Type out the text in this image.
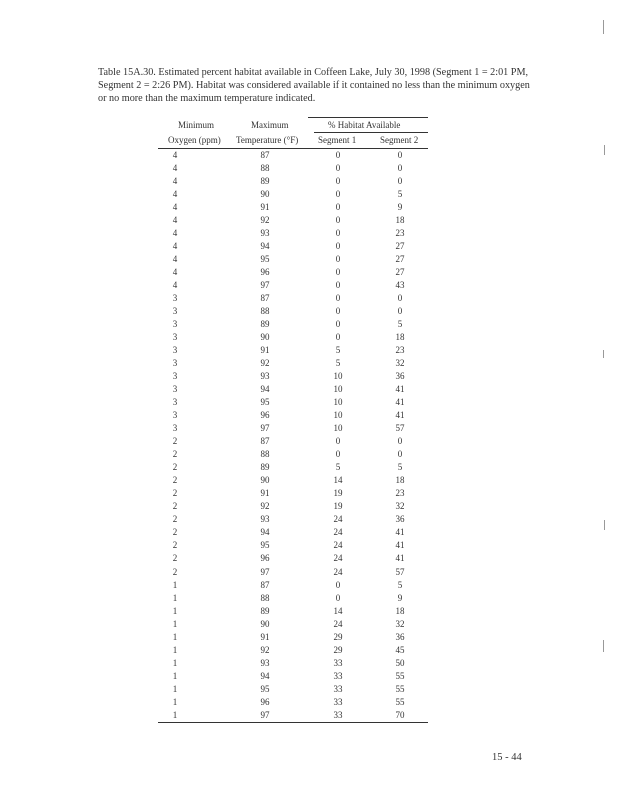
Table 15A.30. Estimated percent habitat available in Coffeen Lake, July 30, 1998 (Segment 1 = 2:01 PM, Segment 2 = 2:26 PM). Habitat was considered available if it contained no less than the minimum oxygen or no more than the maximum temperature indicated.
Minimum
Oxygen (ppm)
Maximum
Temperature (°F)
% Habitat Available
Segment 1	Segment 2
4	87	0	0
4	88	0	0
4	89	0	0
4	90	0	5
4	91	0	9
4	92	0	18
4	93	0	23
4	94	0	27
4	95	0	27
4	96	0	27
4	97	0	43
3	87	0	0
3	88	0	0
3	89	0	5
3	90	0	18
3	91	5	23
3	92	5	32
3	93	10	36
3	94	10	41
3	95	10	41
3	96	10	41
3	97	10	57
2	87	0	0
2	88	0	0
2	89	5	5
2	90	14	18
2	91	19	23
2	92	19	32
2	93	24	36
2	94	24	41
2	95	24	41
2	96	24	41
2	97	24	57
1	87	0	5
1	88	0	9
1	89	14	18
1	90	24	32
1	91	29	36
1	92	29	45
1	93	33	50
1	94	33	55
1	95	33	55
1	96	33	55
1	97	33	70
15 - 44
